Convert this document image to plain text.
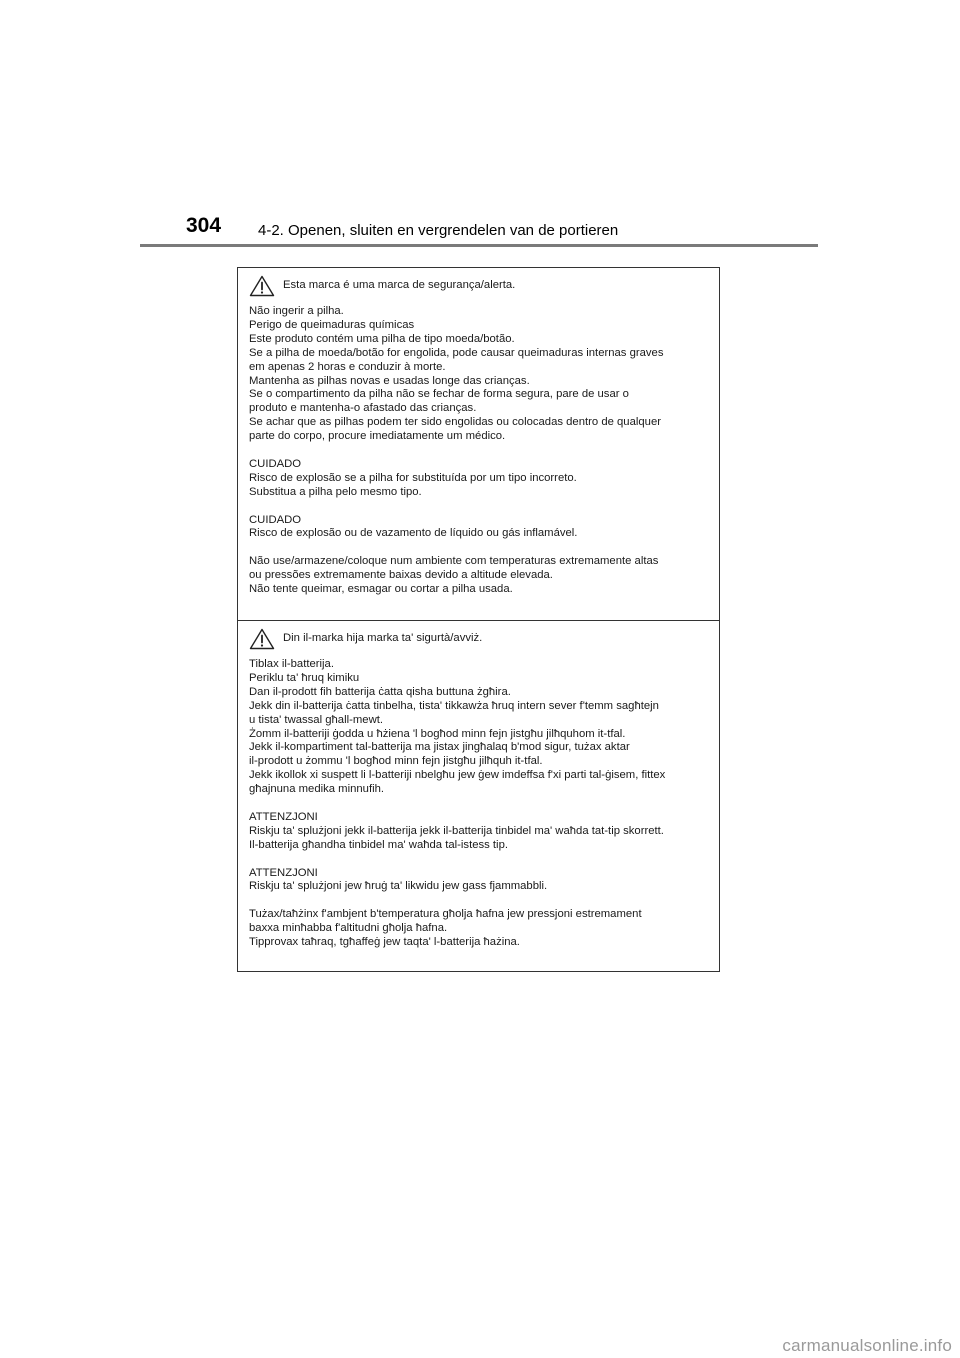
304 4-2. Openen, sluiten en vergrendelen van de portieren
Esta marca é uma marca de segurança/alerta.
Não ingerir a pilha.
Perigo de queimaduras químicas
Este produto contém uma pilha de tipo moeda/botão.
Se a pilha de moeda/botão for engolida, pode causar queimaduras internas graves
em apenas 2 horas e conduzir à morte.
Mantenha as pilhas novas e usadas longe das crianças.
Se o compartimento da pilha não se fechar de forma segura, pare de usar o
produto e mantenha-o afastado das crianças.
Se achar que as pilhas podem ter sido engolidas ou colocadas dentro de qualquer
parte do corpo, procure imediatamente um médico.
CUIDADO
Risco de explosão se a pilha for substituída por um tipo incorreto.
Substitua a pilha pelo mesmo tipo.
CUIDADO
Risco de explosão ou de vazamento de líquido ou gás inflamável.
Não use/armazene/coloque num ambiente com temperaturas extremamente altas
ou pressões extremamente baixas devido a altitude elevada.
Não tente queimar, esmagar ou cortar a pilha usada.
Din il-marka hija marka ta' sigurtà/avviż.
Tiblax il-batterija.
Periklu ta' ħruq kimiku
Dan il-prodott fih batterija ċatta qisha buttuna żgħira.
Jekk din il-batterija ċatta tinbelha, tista' tikkawża ħruq intern sever f'temm sagħtejn
u tista' twassal għall-mewt.
Żomm il-batteriji ġodda u ħżiena 'l bogħod minn fejn jistgħu jilħquhom it-tfal.
Jekk il-kompartiment tal-batterija ma jistax jingħalaq b'mod sigur, tużax aktar
il-prodott u żommu 'l bogħod minn fejn jistgħu jilħquh it-tfal.
Jekk ikollok xi suspett li l-batteriji nbelgħu jew ġew imdeffsa f'xi parti tal-ġisem, fittex
għajnuna medika minnufih.
ATTENZJONI
Riskju ta' splużjoni jekk il-batterija jekk il-batterija tinbidel ma' waħda tat-tip skorrett.
Il-batterija għandha tinbidel ma' waħda tal-istess tip.
ATTENZJONI
Riskju ta' splużjoni jew ħruġ ta' likwidu jew gass fjammabbli.
Tużax/taħżinx f'ambjent b'temperatura għolja ħafna jew pressjoni estremament
baxxa minħabba f'altitudni għolja ħafna.
Tipprovax taħraq, tgħaffeġ jew taqta' l-batterija ħażina.
carmanualsonline.info
